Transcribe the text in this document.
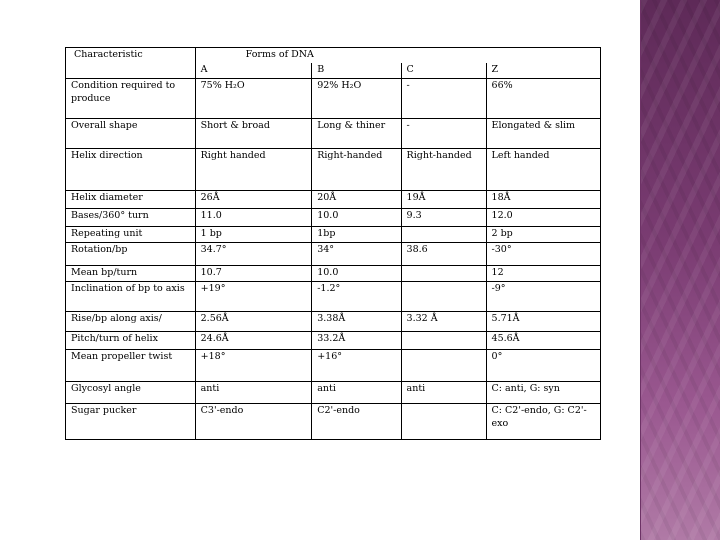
Characteristic	Forms of DNA			
	A	B	C	Z
Condition required to produce	75% H₂O	92% H₂O	-	66%
Overall shape	Short & broad	Long & thiner	-	Elongated & slim
Helix direction	Right handed	Right-handed	Right-handed	Left handed
Helix diameter	26Å	20Å	19Å	18Å
Bases/360° turn	11.0	10.0	9.3	12.0
Repeating unit	1 bp	1bp		2 bp
Rotation/bp	34.7°	34°	38.6	-30°
Mean bp/turn	10.7	10.0		12
Inclination of bp to axis	+19°	-1.2°		-9°
Rise/bp along axis/	2.56Å	3.38Å	3.32 Å	5.71Å
Pitch/turn of helix	24.6Å	33.2Å		45.6Å
Mean propeller twist	+18°	+16°		0°
Glycosyl angle	anti	anti	anti	C: anti, G: syn
Sugar pucker	C3'-endo	C2'-endo		C: C2'-endo, G: C2'-exo
